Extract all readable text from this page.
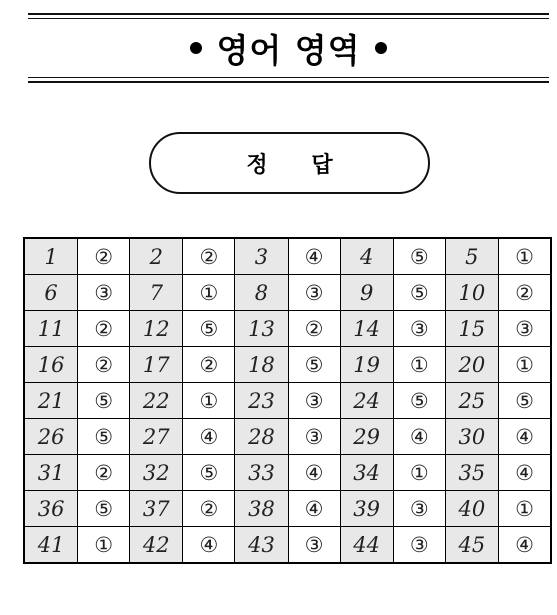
영어 영역
정 답
1	②	2	②	3	④	4	⑤	5	①
6	③	7	①	8	③	9	⑤	10	②
11	②	12	⑤	13	②	14	③	15	③
16	②	17	②	18	⑤	19	①	20	①
21	⑤	22	①	23	③	24	⑤	25	⑤
26	⑤	27	④	28	③	29	④	30	④
31	②	32	⑤	33	④	34	①	35	④
36	⑤	37	②	38	④	39	③	40	①
41	①	42	④	43	③	44	③	45	④
